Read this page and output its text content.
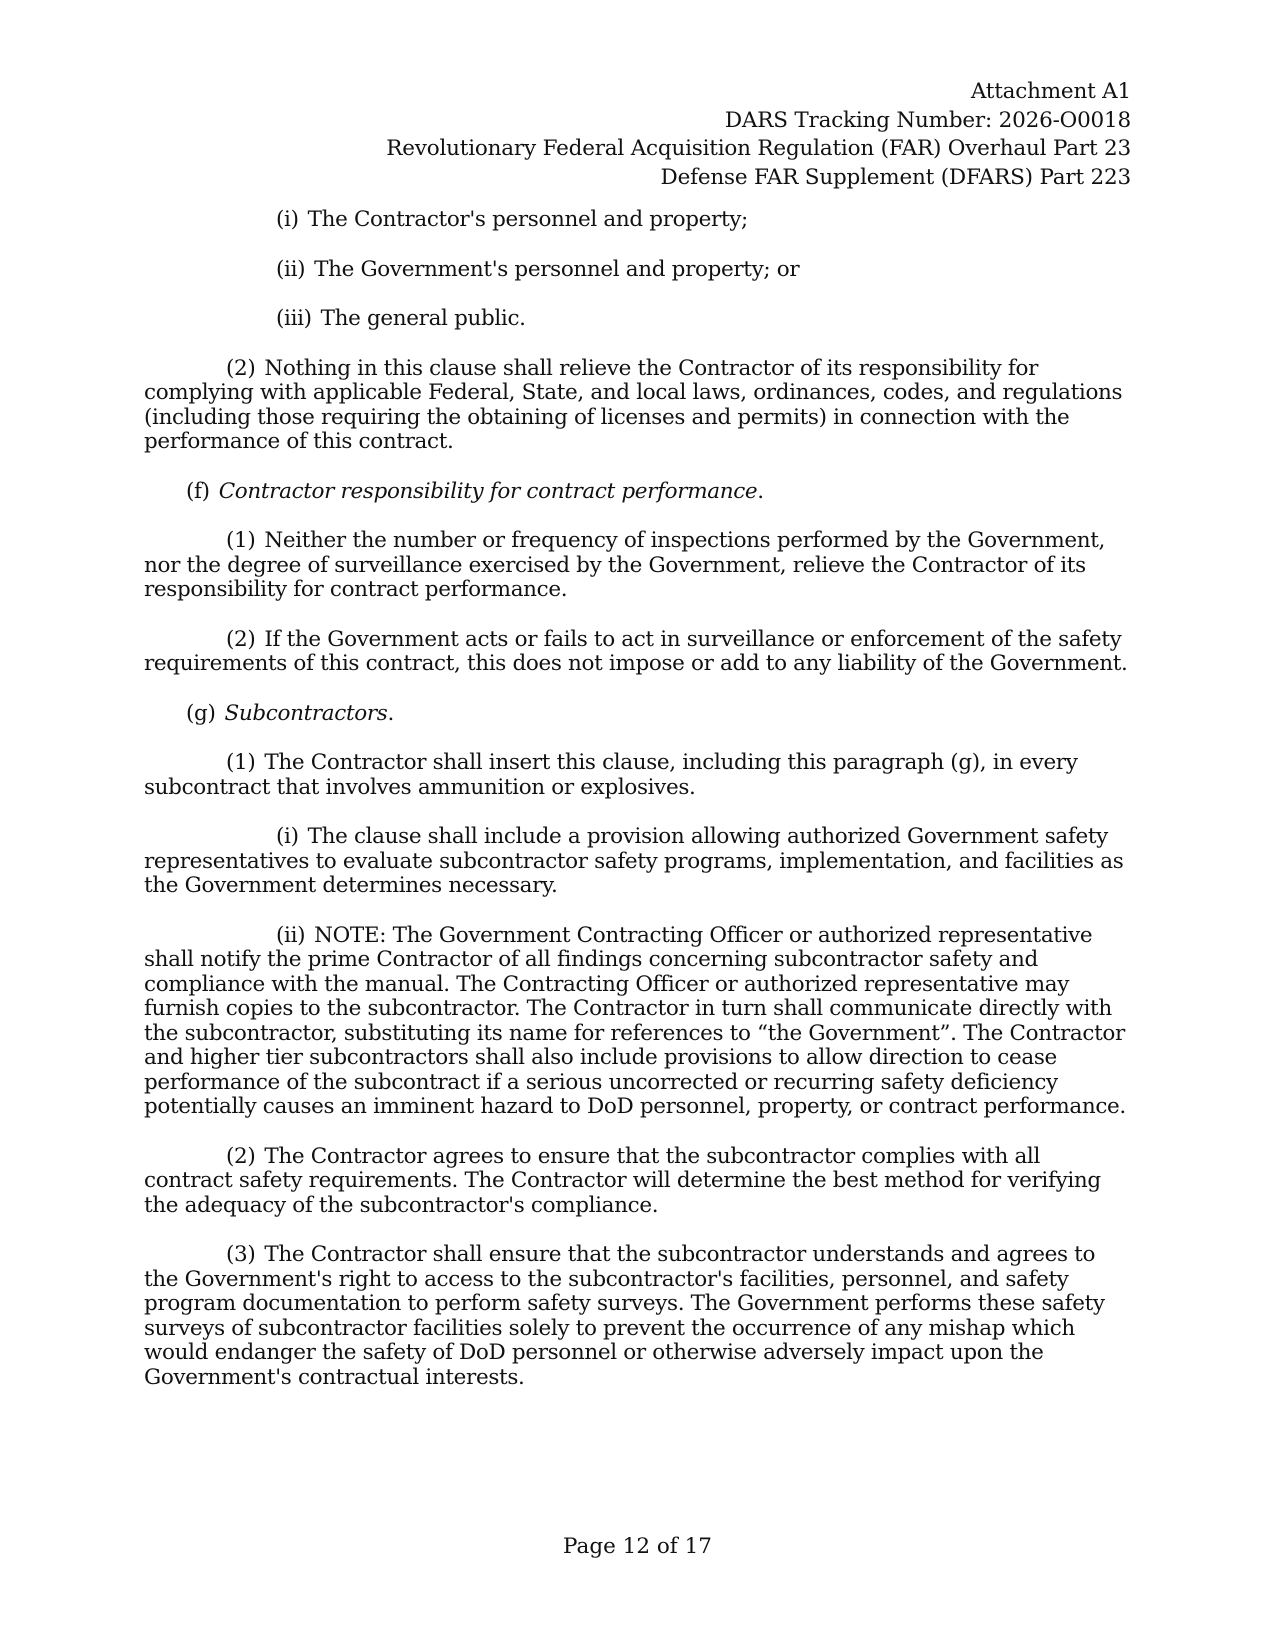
Attachment A1
DARS Tracking Number: 2026-O0018
Revolutionary Federal Acquisition Regulation (FAR) Overhaul Part 23
Defense FAR Supplement (DFARS) Part 223

(i) The Contractor's personnel and property;

(ii) The Government's personnel and property; or

(iii) The general public.

(2) Nothing in this clause shall relieve the Contractor of its responsibility for complying with applicable Federal, State, and local laws, ordinances, codes, and regulations (including those requiring the obtaining of licenses and permits) in connection with the performance of this contract.

(f) Contractor responsibility for contract performance.

(1) Neither the number or frequency of inspections performed by the Government, nor the degree of surveillance exercised by the Government, relieve the Contractor of its responsibility for contract performance.

(2) If the Government acts or fails to act in surveillance or enforcement of the safety requirements of this contract, this does not impose or add to any liability of the Government.

(g) Subcontractors.

(1) The Contractor shall insert this clause, including this paragraph (g), in every subcontract that involves ammunition or explosives.

(i) The clause shall include a provision allowing authorized Government safety representatives to evaluate subcontractor safety programs, implementation, and facilities as the Government determines necessary.

(ii) NOTE: The Government Contracting Officer or authorized representative shall notify the prime Contractor of all findings concerning subcontractor safety and compliance with the manual. The Contracting Officer or authorized representative may furnish copies to the subcontractor. The Contractor in turn shall communicate directly with the subcontractor, substituting its name for references to “the Government”. The Contractor and higher tier subcontractors shall also include provisions to allow direction to cease performance of the subcontract if a serious uncorrected or recurring safety deficiency potentially causes an imminent hazard to DoD personnel, property, or contract performance.

(2) The Contractor agrees to ensure that the subcontractor complies with all contract safety requirements. The Contractor will determine the best method for verifying the adequacy of the subcontractor's compliance.

(3) The Contractor shall ensure that the subcontractor understands and agrees to the Government's right to access to the subcontractor's facilities, personnel, and safety program documentation to perform safety surveys. The Government performs these safety surveys of subcontractor facilities solely to prevent the occurrence of any mishap which would endanger the safety of DoD personnel or otherwise adversely impact upon the Government's contractual interests.

Page 12 of 17
